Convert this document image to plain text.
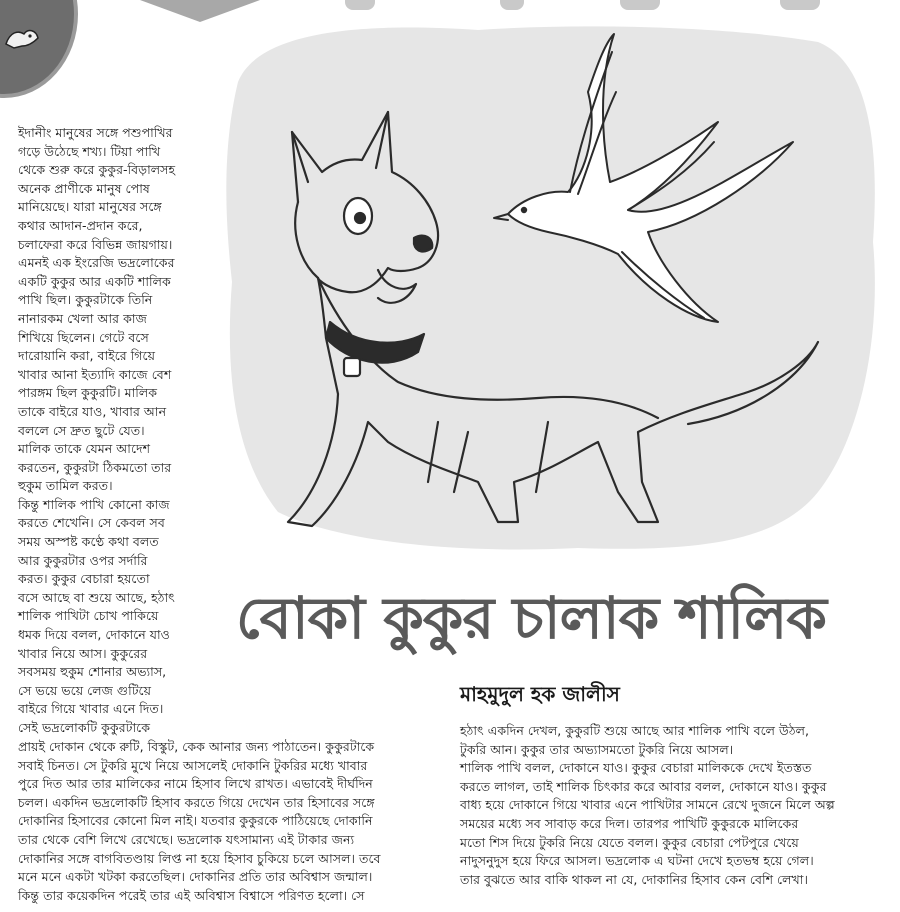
ইদানীং মানুষের সঙ্গে পশুপাখির
গড়ে উঠেছে শখ্য। টিয়া পাখি
থেকে শুরু করে কুকুর-বিড়ালসহ
অনেক প্রাণীকে মানুষ পোষ
মানিয়েছে। যারা মানুষের সঙ্গে
কথার আদান-প্রদান করে,
চলাফেরা করে বিভিন্ন জায়গায়।
এমনই এক ইংরেজি ভদ্রলোকের
একটি কুকুর আর একটি শালিক
পাখি ছিল। কুকুরটাকে তিনি
নানারকম খেলা আর কাজ
শিখিয়ে ছিলেন। গেটে বসে
দারোয়ানি করা, বাইরে গিয়ে
খাবার আনা ইত্যাদি কাজে বেশ
পারঙ্গম ছিল কুকুরটি। মালিক
তাকে বাইরে যাও, খাবার আন
বললে সে দ্রুত ছুটে যেত।
মালিক তাকে যেমন আদেশ
করতেন, কুকুরটা ঠিকমতো তার
হুকুম তামিল করত।
কিন্তু শালিক পাখি কোনো কাজ
করতে শেখেনি। সে কেবল সব
সময় অস্পষ্ট কণ্ঠে কথা বলত
আর কুকুরটার ওপর সর্দারি
করত। কুকুর বেচারা হয়তো
বসে আছে বা শুয়ে আছে, হঠাৎ
শালিক পাখিটা চোখ পাকিয়ে
ধমক দিয়ে বলল, দোকানে যাও
খাবার নিয়ে আস। কুকুরের
সবসময় হুকুম শোনার অভ্যাস,
সে ভয়ে ভয়ে লেজ গুটিয়ে
বাইরে গিয়ে খাবার এনে দিত।
সেই ভদ্রলোকটি কুকুরটাকে
বোকা কুকুর চালাক শালিক
মাহমুদুল হক জালীস
হঠাৎ একদিন দেখল, কুকুরটি শুয়ে আছে আর শালিক পাখি বলে উঠল,
টুকরি আন। কুকুর তার অভ্যাসমতো টুকরি নিয়ে আসল।
শালিক পাখি বলল, দোকানে যাও। কুকুর বেচারা মালিককে দেখে ইতস্তত
করতে লাগল, তাই শালিক চিৎকার করে আবার বলল, দোকানে যাও। কুকুর
বাধ্য হয়ে দোকানে গিয়ে খাবার এনে পাখিটার সামনে রেখে দুজনে মিলে অল্প
সময়ের মধ্যে সব সাবাড় করে দিল। তারপর পাখিটি কুকুরকে মালিকের
মতো শিস দিয়ে টুকরি নিয়ে যেতে বলল। কুকুর বেচারা পেটপুরে খেয়ে
নাদুসনুদুস হয়ে ফিরে আসল। ভদ্রলোক এ ঘটনা দেখে হতভম্ব হয়ে গেল।
তার বুঝতে আর বাকি থাকল না যে, দোকানির হিসাব কেন বেশি লেখা।
প্রায়ই দোকান থেকে রুটি, বিস্কুট, কেক আনার জন্য পাঠাতেন। কুকুরটাকে
সবাই চিনত। সে টুকরি মুখে নিয়ে আসলেই দোকানি টুকরির মধ্যে খাবার
পুরে দিত আর তার মালিকের নামে হিসাব লিখে রাখত। এভাবেই দীর্ঘদিন
চলল। একদিন ভদ্রলোকটি হিসাব করতে গিয়ে দেখেন তার হিসাবের সঙ্গে
দোকানির হিসাবের কোনো মিল নাই। যতবার কুকুরকে পাঠিয়েছে দোকানি
তার থেকে বেশি লিখে রেখেছে। ভদ্রলোক যৎসামান্য এই টাকার জন্য
দোকানির সঙ্গে বাগবিতণ্ডায় লিপ্ত না হয়ে হিসাব চুকিয়ে চলে আসল। তবে
মনে মনে একটা খটকা করতেছিল। দোকানির প্রতি তার অবিশ্বাস জন্মাল।
কিন্তু তার কয়েকদিন পরেই তার এই অবিশ্বাস বিশ্বাসে পরিণত হলো। সে
